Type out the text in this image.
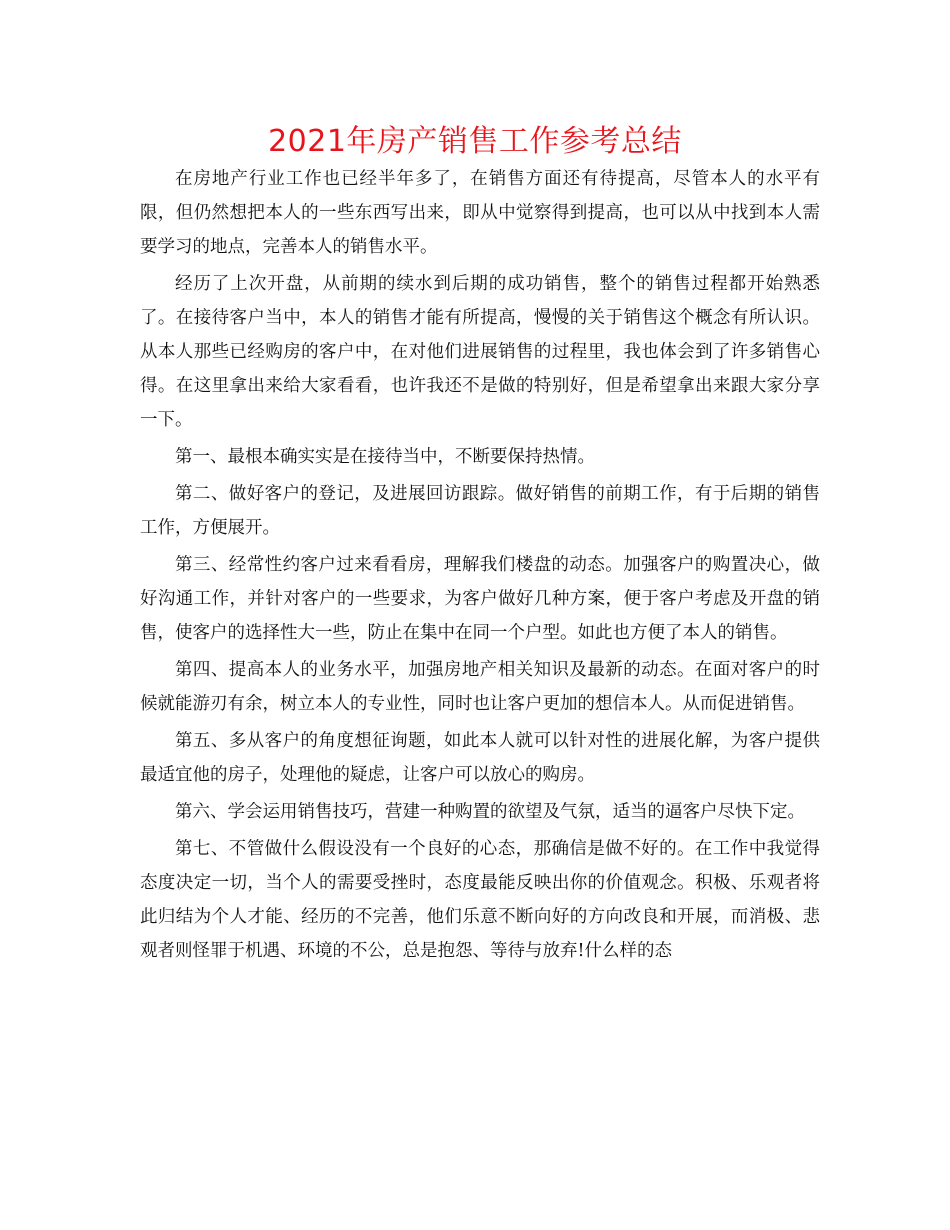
2021年房产销售工作参考总结

在房地产行业工作也已经半年多了，在销售方面还有待提高，尽管本人的水平有限，但仍然想把本人的一些东西写出来，即从中觉察得到提高，也可以从中找到本人需要学习的地点，完善本人的销售水平。

经历了上次开盘，从前期的续水到后期的成功销售，整个的销售过程都开始熟悉了。在接待客户当中，本人的销售才能有所提高，慢慢的关于销售这个概念有所认识。从本人那些已经购房的客户中，在对他们进展销售的过程里，我也体会到了许多销售心得。在这里拿出来给大家看看，也许我还不是做的特别好，但是希望拿出来跟大家分享一下。

第一、最根本确实实是在接待当中，不断要保持热情。

第二、做好客户的登记，及进展回访跟踪。做好销售的前期工作，有于后期的销售工作，方便展开。

第三、经常性约客户过来看看房，理解我们楼盘的动态。加强客户的购置决心，做好沟通工作，并针对客户的一些要求，为客户做好几种方案，便于客户考虑及开盘的销售，使客户的选择性大一些，防止在集中在同一个户型。如此也方便了本人的销售。

第四、提高本人的业务水平，加强房地产相关知识及最新的动态。在面对客户的时候就能游刃有余，树立本人的专业性，同时也让客户更加的想信本人。从而促进销售。

第五、多从客户的角度想征询题，如此本人就可以针对性的进展化解，为客户提供最适宜他的房子，处理他的疑虑，让客户可以放心的购房。

第六、学会运用销售技巧，营建一种购置的欲望及气氛，适当的逼客户尽快下定。

第七、不管做什么假设没有一个良好的心态，那确信是做不好的。在工作中我觉得态度决定一切，当个人的需要受挫时，态度最能反映出你的价值观念。积极、乐观者将此归结为个人才能、经历的不完善，他们乐意不断向好的方向改良和开展，而消极、悲观者则怪罪于机遇、环境的不公，总是抱怨、等待与放弃!什么样的态
